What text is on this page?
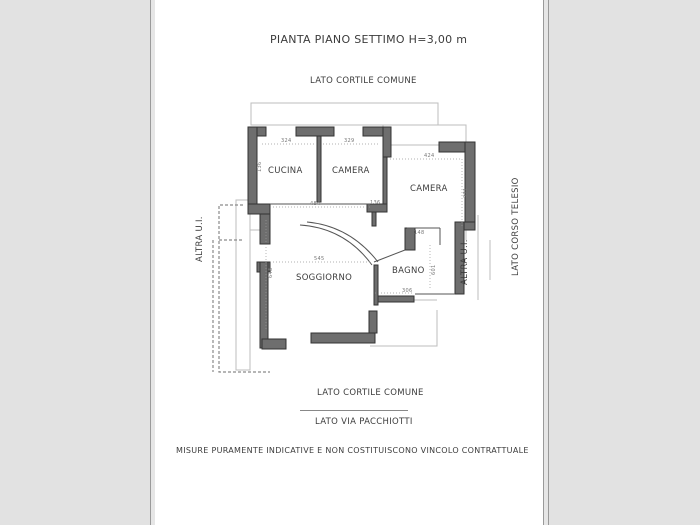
PIANTA PIANO SETTIMO H=3,00 m
LATO CORTILE COMUNE
LATO CORTILE COMUNE
LATO VIA PACCHIOTTI
ALTRA U.I.
ALTRA U.I.	LATO CORSO TELESIO
CUCINA	CAMERA
CAMERA
SOGGIORNO
BAGNO
324	329
424
371
484	136
545
148
306
648	601
136
MISURE PURAMENTE INDICATIVE E NON COSTITUISCONO VINCOLO CONTRATTUALE
